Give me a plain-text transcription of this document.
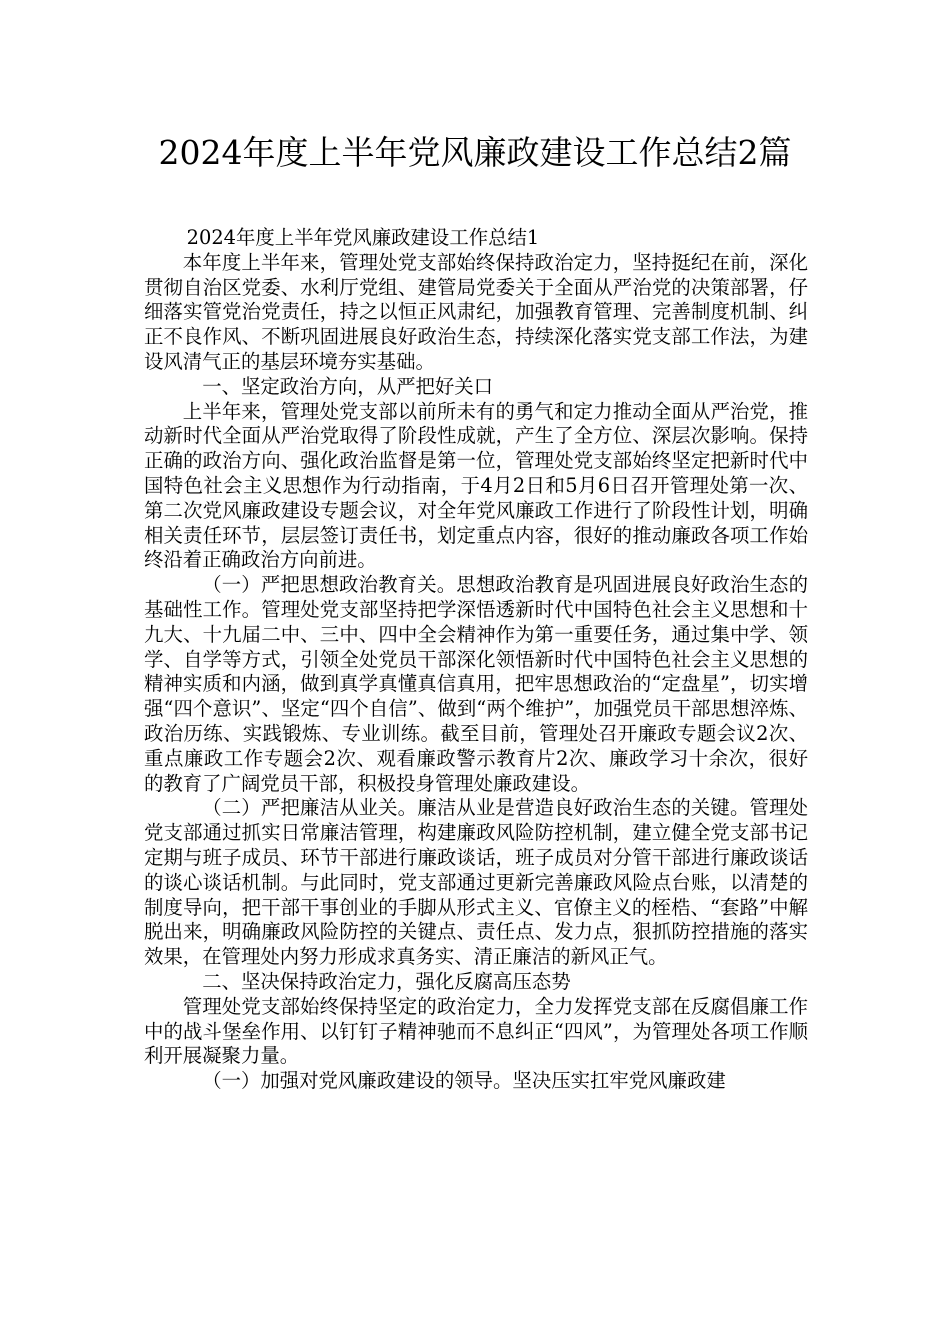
2024年度上半年党风廉政建设工作总结2篇

2024年度上半年党风廉政建设工作总结1

本年度上半年来，管理处党支部始终保持政治定力，坚持挺纪在前，深化贯彻自治区党委、水利厅党组、建管局党委关于全面从严治党的决策部署，仔细落实管党治党责任，持之以恒正风肃纪，加强教育管理、完善制度机制、纠正不良作风、不断巩固进展良好政治生态，持续深化落实党支部工作法，为建设风清气正的基层环境夯实基础。

一、坚定政治方向，从严把好关口

上半年来，管理处党支部以前所未有的勇气和定力推动全面从严治党，推动新时代全面从严治党取得了阶段性成就，产生了全方位、深层次影响。保持正确的政治方向、强化政治监督是第一位，管理处党支部始终坚定把新时代中国特色社会主义思想作为行动指南，于4月2日和5月6日召开管理处第一次、第二次党风廉政建设专题会议，对全年党风廉政工作进行了阶段性计划，明确相关责任环节，层层签订责任书，划定重点内容，很好的推动廉政各项工作始终沿着正确政治方向前进。

（一）严把思想政治教育关。思想政治教育是巩固进展良好政治生态的基础性工作。管理处党支部坚持把学深悟透新时代中国特色社会主义思想和十九大、十九届二中、三中、四中全会精神作为第一重要任务，通过集中学、领学、自学等方式，引领全处党员干部深化领悟新时代中国特色社会主义思想的精神实质和内涵，做到真学真懂真信真用，把牢思想政治的“定盘星”，切实增强“四个意识”、坚定“四个自信”、做到“两个维护”，加强党员干部思想淬炼、政治历练、实践锻炼、专业训练。截至目前，管理处召开廉政专题会议2次、重点廉政工作专题会2次、观看廉政警示教育片2次、廉政学习十余次，很好的教育了广阔党员干部，积极投身管理处廉政建设。

（二）严把廉洁从业关。廉洁从业是营造良好政治生态的关键。管理处党支部通过抓实日常廉洁管理，构建廉政风险防控机制，建立健全党支部书记定期与班子成员、环节干部进行廉政谈话，班子成员对分管干部进行廉政谈话的谈心谈话机制。与此同时，党支部通过更新完善廉政风险点台账，以清楚的制度导向，把干部干事创业的手脚从形式主义、官僚主义的桎梏、“套路”中解脱出来，明确廉政风险防控的关键点、责任点、发力点，狠抓防控措施的落实效果，在管理处内努力形成求真务实、清正廉洁的新风正气。

二、坚决保持政治定力，强化反腐高压态势

管理处党支部始终保持坚定的政治定力，全力发挥党支部在反腐倡廉工作中的战斗堡垒作用、以钉钉子精神驰而不息纠正“四风”，为管理处各项工作顺利开展凝聚力量。

（一）加强对党风廉政建设的领导。坚决压实扛牢党风廉政建
